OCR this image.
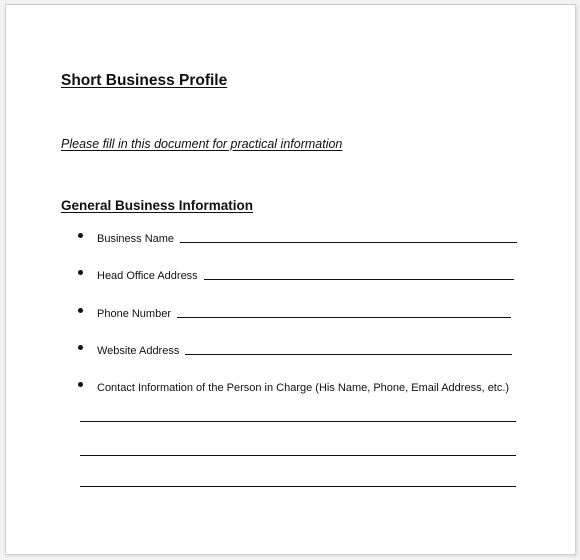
Short Business Profile
Please fill in this document for practical information
General Business Information
Business Name
Head Office Address
Phone Number
Website Address
Contact Information of the Person in Charge (His Name, Phone, Email Address, etc.)
